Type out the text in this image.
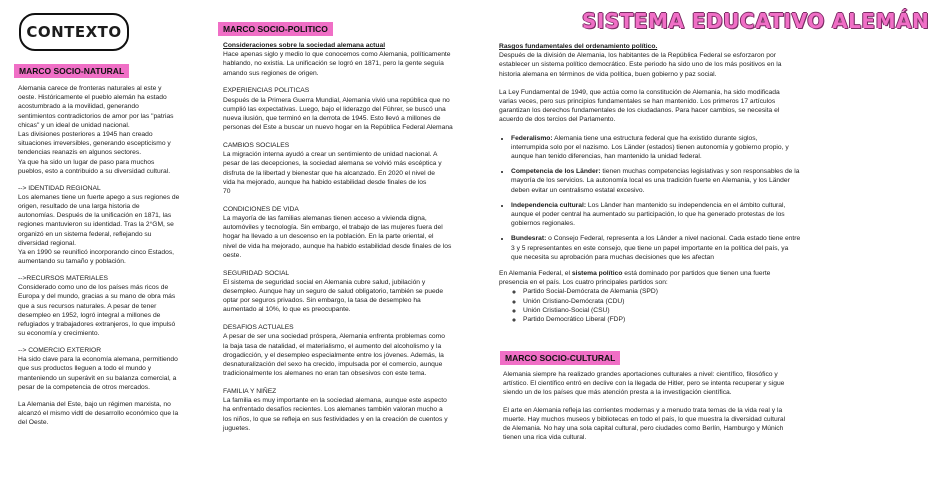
CONTEXTO
MARCO SOCIO-NATURAL

Alemania carece de fronteras naturales al este y
oeste. Históricamente el pueblo alemán ha estado
acostumbrado a la movilidad, generando
sentimientos contradictorios de amor por las "patrias
chicas" y un ideal de unidad nacional.
Las divisiones posteriores a 1945 han creado
situaciones irreversibles, generando escepticismo y
tendencias reanazis en algunos sectores.
Ya que ha sido un lugar de paso para muchos
pueblos, esto a contribuido a su diversidad cultural.

--> IDENTIDAD REGIONAL
Los alemanes tiene un fuerte apego a sus regiones de
origen, resultado de una larga historia de
autonomías. Después de la unificación en 1871, las
regiones mantuvieron su identidad. Tras la 2°GM, se
organizó en un sistema federal, reflejando su
diversidad regional.
Ya en 1990 se reunificó incorporando cinco Estados,
aumentando su tamaño y población.

-->RECURSOS MATERIALES
Considerado como uno de los países más ricos de
Europa y del mundo, gracias a su mano de obra más
que a sus recursos naturales. A pesar de tener
desempleo en 1952, logró integral a millones de
refugiados y trabajadores extranjeros, lo que impulsó
su economía y crecimiento.

--> COMERCIO EXTERIOR
Ha sido clave para la economía alemana, permitiendo
que sus productos lleguen a todo el mundo y
manteniendo un superávit en su balanza comercial, a
pesar de la competencia de otros mercados.

La Alemania del Este, bajo un régimen marxista, no
alcanzó el mismo vidtl de desarrollo económico que la
del Oeste.

MARCO SOCIO-POLITICO
Consideraciones sobre la sociedad alemana actual
Hace apenas siglo y medio lo que conocemos como Alemania, políticamente
hablando, no existía. La unificación se logró en 1871, pero la gente seguía
amando sus regiones de origen.
EXPERIENCIAS POLITICAS
Después de la Primera Guerra Mundial, Alemania vivió una república que no
cumplió las expectativas. Luego, bajo el liderazgo del Führer, se buscó una
nueva ilusión, que terminó en la derrota de 1945. Esto llevó a millones de
personas del Este a buscar un nuevo hogar en la República Federal Alemana
CAMBIOS SOCIALES
La migración interna ayudó a crear un sentimiento de unidad nacional. A
pesar de las decepciones, la sociedad alemana se volvió más escéptica y
disfruta de la libertad y bienestar que ha alcanzado. En 2020 el nivel de
vida ha mejorado, aunque ha habido estabilidad desde finales de los
70
CONDICIONES DE VIDA
La mayoría de las familias alemanas tienen acceso a vivienda digna,
automóviles y tecnología. Sin embargo, el trabajo de las mujeres fuera del
hogar ha llevado a un descenso en la población. En la parte oriental, el
nivel de vida ha mejorado, aunque ha habido estabilidad desde finales de los
oeste.
SEGURIDAD SOCIAL
El sistema de seguridad social en Alemania cubre salud, jubilación y
desempleo. Aunque hay un seguro de salud obligatorio, también se puede
optar por seguros privados. Sin embargo, la tasa de desempleo ha
aumentado al 10%, lo que es preocupante.
DESAFIOS ACTUALES
A pesar de ser una sociedad próspera, Alemania enfrenta problemas como
la baja tasa de natalidad, el materialismo, el aumento del alcoholismo y la
drogadicción, y el desempleo especialmente entre los jóvenes. Además, la
desnaturalización del sexo ha crecido, impulsada por el comercio, aunque
tradicionalmente los alemanes no eran tan obsesivos con este tema.
FAMILIA Y NIÑEZ
La familia es muy importante en la sociedad alemana, aunque este aspecto
ha enfrentado desafíos recientes. Los alemanes también valoran mucho a
los niños, lo que se refleja en sus festividades y en la creación de cuentos y
juguetes.
SISTEMA EDUCATIVO ALEMÁN
Rasgos fundamentales del ordenamiento político.

Después de la división de Alemania, los habitantes de la República Federal se esforzaron por
establecer un sistema político democrático. Este periodo ha sido uno de los más positivos en la
historia alemana en términos de vida política, buen gobierno y paz social.

La Ley Fundamental de 1949, que actúa como la constitución de Alemania, ha sido modificada
varias veces, pero sus principios fundamentales se han mantenido. Los primeros 17 artículos
garantizan los derechos fundamentales de los ciudadanos. Para hacer cambios, se necesita el
acuerdo de dos tercios del Parlamento.

• Federalismo: Alemania tiene una estructura federal que ha existido durante siglos,
interrumpida solo por el nazismo. Los Länder (estados) tienen autonomía y gobierno propio, y
aunque han tenido diferencias, han mantenido la unidad federal.
• Competencia de los Länder: tienen muchas competencias legislativas y son responsables de la
mayoría de los servicios. La autonomía local es una tradición fuerte en Alemania, y los Länder
deben evitar un centralismo estatal excesivo.
• Independencia cultural: Los Länder han mantenido su independencia en el ámbito cultural,
aunque el poder central ha aumentado su participación, lo que ha generado protestas de los
gobiernos regionales.
• Bundesrat: o Consejo Federal, representa a los Länder a nivel nacional. Cada estado tiene entre
3 y 5 representantes en este consejo, que tiene un papel importante en la política del país, ya
que necesita su aprobación para muchas decisiones que les afectan
En Alemania Federal, el sistema político está dominado por partidos que tienen una fuerte
presencia en el país. Los cuatro principales partidos son:
◦ Partido Social-Demócrata de Alemania (SPD)
◦ Unión Cristiano-Demócrata (CDU)
◦ Unión Cristiano-Social (CSU)
◦ Partido Democrático Liberal (FDP)
MARCO SOCIO-CULTURAL

Alemania siempre ha realizado grandes aportaciones culturales a nivel: científico, filosófico y
artístico. El científico entró en declive con la llegada de Hitler, pero se intenta recuperar y sigue
siendo un de los países que más atención presta a la investigación científica.

El arte en Alemania refleja las corrientes modernas y a menudo trata temas de la vida real y la
muerte. Hay muchos museos y bibliotecas en todo el país, lo que muestra la diversidad cultural
de Alemania. No hay una sola capital cultural, pero ciudades como Berlín, Hamburgo y Múnich
tienen una rica vida cultural.
